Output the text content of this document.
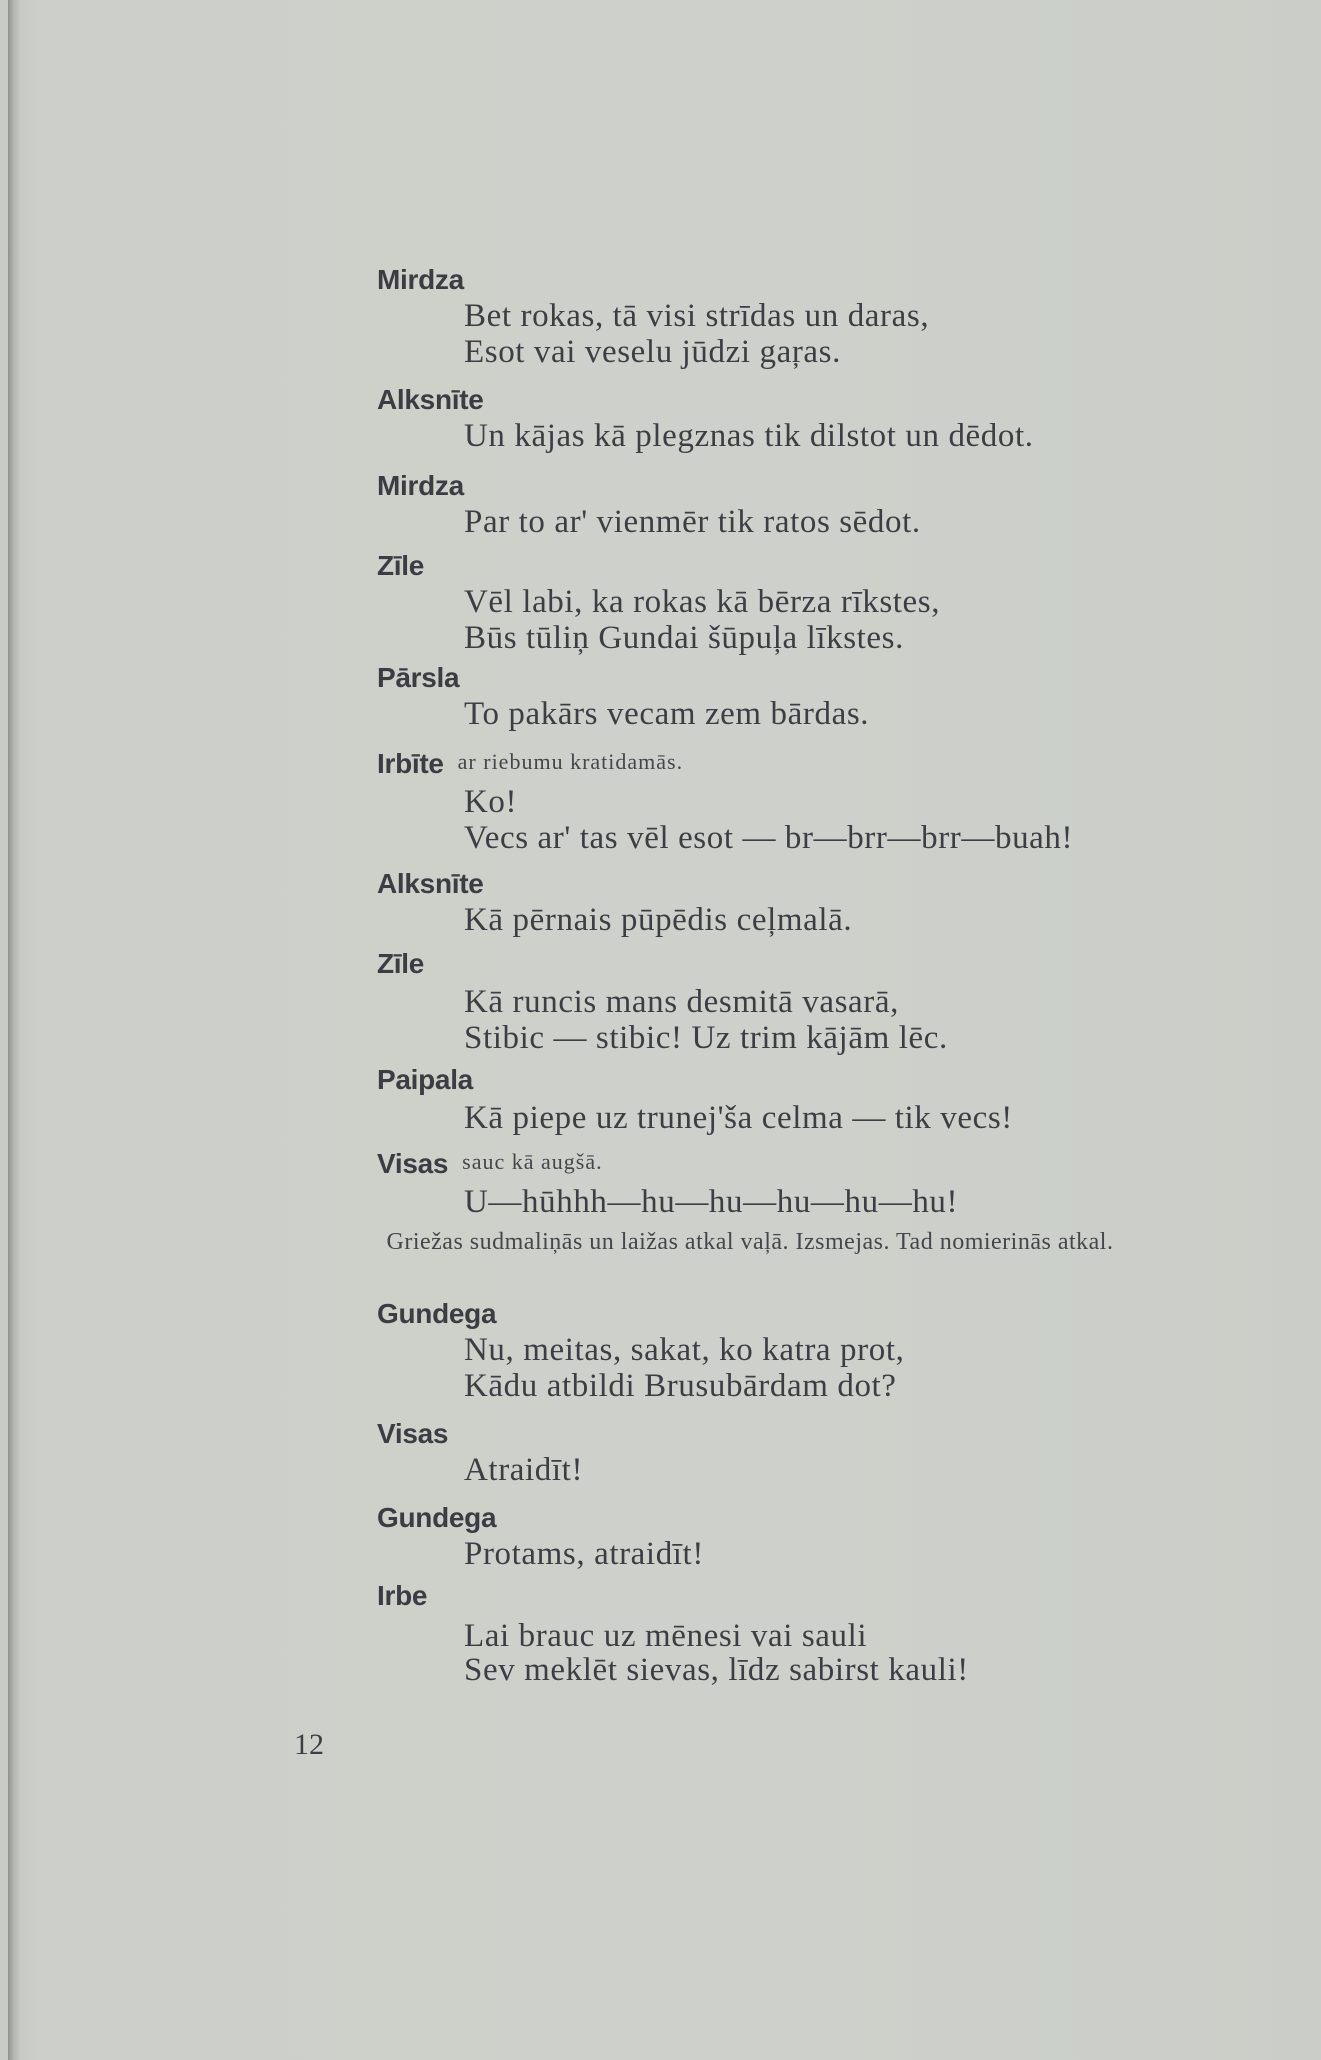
Mirdza
Bet rokas, tā visi strīdas un daras,
Esot vai veselu jūdzi gaŗas.
Alksnīte
Un kājas kā plegznas tik dilstot un dēdot.
Mirdza
Par to ar' vienmēr tik ratos sēdot.
Zīle
Vēl labi, ka rokas kā bērza rīkstes,
Būs tūliņ Gundai šūpuļa līkstes.
Pārsla
To pakārs vecam zem bārdas.
Irbīte ar riebumu kratidamās.
Ko!
Vecs ar' tas vēl esot — br—brr—brr—buah!
Alksnīte
Kā pērnais pūpēdis ceļmalā.
Zīle
Kā runcis mans desmitā vasarā,
Stibic — stibic! Uz trim kājām lēc.
Paipala
Kā piepe uz trunej'ša celma — tik vecs!
Visas sauc kā augšā.
U—hūhhh—hu—hu—hu—hu—hu!
Griežas sudmaliņās un laižas atkal vaļā. Izsmejas. Tad nomierinās atkal.
Gundega
Nu, meitas, sakat, ko katra prot,
Kādu atbildi Brusubārdam dot?
Visas
Atraidīt!
Gundega
Protams, atraidīt!
Irbe
Lai brauc uz mēnesi vai sauli
Sev meklēt sievas, līdz sabirst kauli!
12
